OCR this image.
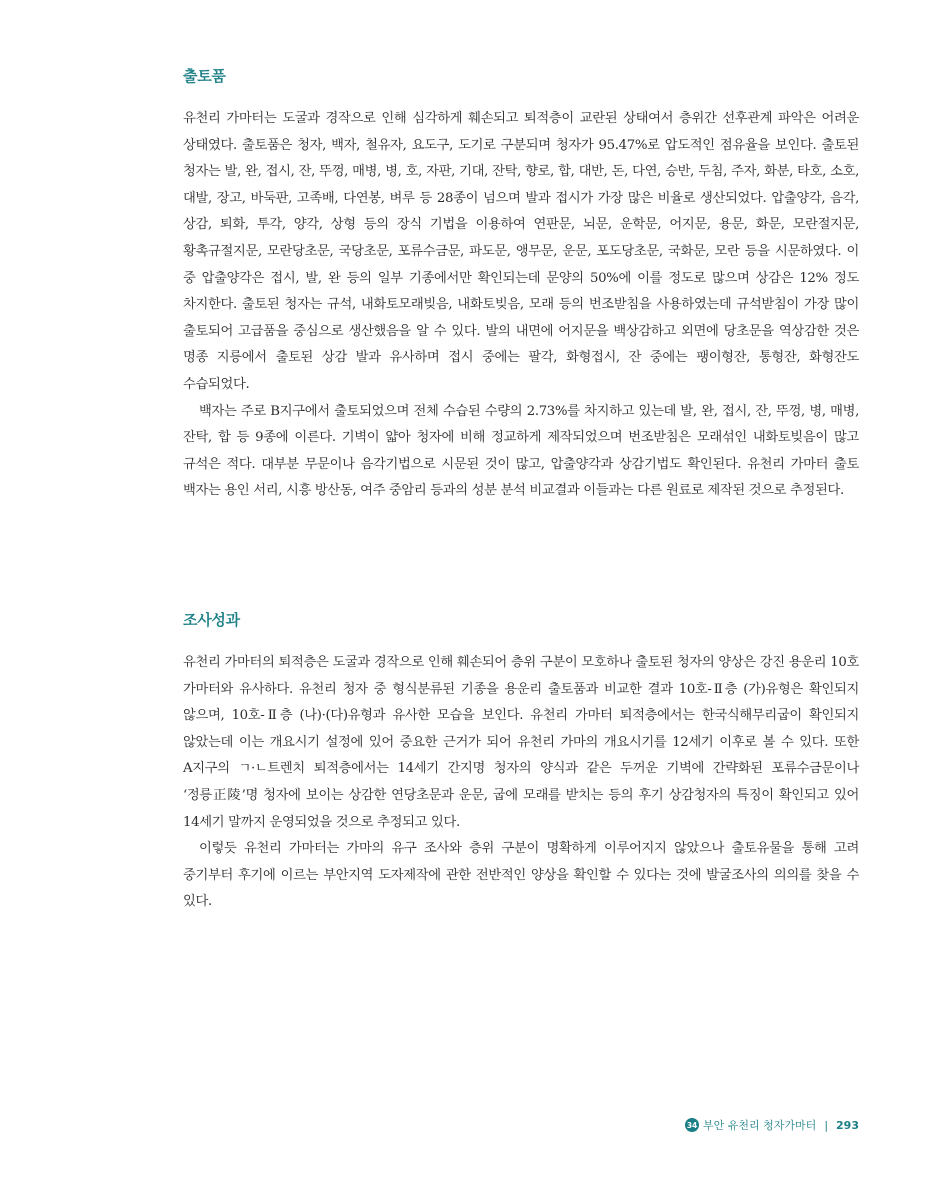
출토품

유천리 가마터는 도굴과 경작으로 인해 심각하게 훼손되고 퇴적층이 교란된 상태여서 층위간 선후관계 파악은 어려운 상태였다. 출토품은 청자, 백자, 철유자, 요도구, 도기로 구분되며 청자가 95.47%로 압도적인 점유율을 보인다. 출토된 청자는 발, 완, 접시, 잔, 뚜껑, 매병, 병, 호, 자판, 기대, 잔탁, 향로, 합, 대반, 돈, 다연, 승반, 두침, 주자, 화분, 타호, 소호, 대발, 장고, 바둑판, 고족배, 다연봉, 벼루 등 28종이 넘으며 발과 접시가 가장 많은 비율로 생산되었다. 압출양각, 음각, 상감, 퇴화, 투각, 양각, 상형 등의 장식 기법을 이용하여 연판문, 뇌문, 운학문, 어지문, 용문, 화문, 모란절지문, 황촉규절지문, 모란당초문, 국당초문, 포류수금문, 파도문, 앵무문, 운문, 포도당초문, 국화문, 모란 등을 시문하였다. 이 중 압출양각은 접시, 발, 완 등의 일부 기종에서만 확인되는데 문양의 50%에 이를 정도로 많으며 상감은 12% 정도 차지한다. 출토된 청자는 규석, 내화토모래빚음, 내화토빚음, 모래 등의 번조받침을 사용하였는데 규석받침이 가장 많이 출토되어 고급품을 중심으로 생산했음을 알 수 있다. 발의 내면에 어지문을 백상감하고 외면에 당초문을 역상감한 것은 명종 지릉에서 출토된 상감 발과 유사하며 접시 중에는 팔각, 화형접시, 잔 중에는 팽이형잔, 통형잔, 화형잔도 수습되었다.

백자는 주로 B지구에서 출토되었으며 전체 수습된 수량의 2.73%를 차지하고 있는데 발, 완, 접시, 잔, 뚜껑, 병, 매병, 잔탁, 합 등 9종에 이른다. 기벽이 얇아 청자에 비해 정교하게 제작되었으며 번조받침은 모래섞인 내화토빚음이 많고 규석은 적다. 대부분 무문이나 음각기법으로 시문된 것이 많고, 압출양각과 상감기법도 확인된다. 유천리 가마터 출토 백자는 용인 서리, 시흥 방산동, 여주 중암리 등과의 성분 분석 비교결과 이들과는 다른 원료로 제작된 것으로 추정된다.

조사성과

유천리 가마터의 퇴적층은 도굴과 경작으로 인해 훼손되어 층위 구분이 모호하나 출토된 청자의 양상은 강진 용운리 10호 가마터와 유사하다. 유천리 청자 중 형식분류된 기종을 용운리 출토품과 비교한 결과 10호-Ⅱ층 (가)유형은 확인되지 않으며, 10호-Ⅱ층 (나)·(다)유형과 유사한 모습을 보인다. 유천리 가마터 퇴적층에서는 한국식해무리굽이 확인되지 않았는데 이는 개요시기 설정에 있어 중요한 근거가 되어 유천리 가마의 개요시기를 12세기 이후로 볼 수 있다. 또한 A지구의 ㄱ·ㄴ트렌치 퇴적층에서는 14세기 간지명 청자의 양식과 같은 두꺼운 기벽에 간략화된 포류수금문이나 ‘정릉正陵’명 청자에 보이는 상감한 연당초문과 운문, 굽에 모래를 받치는 등의 후기 상감청자의 특징이 확인되고 있어 14세기 말까지 운영되었을 것으로 추정되고 있다.

이렇듯 유천리 가마터는 가마의 유구 조사와 층위 구분이 명확하게 이루어지지 않았으나 출토유물을 통해 고려 중기부터 후기에 이르는 부안지역 도자제작에 관한 전반적인 양상을 확인할 수 있다는 것에 발굴조사의 의의를 찾을 수 있다.

34 부안 유천리 청자가마터 | 293
